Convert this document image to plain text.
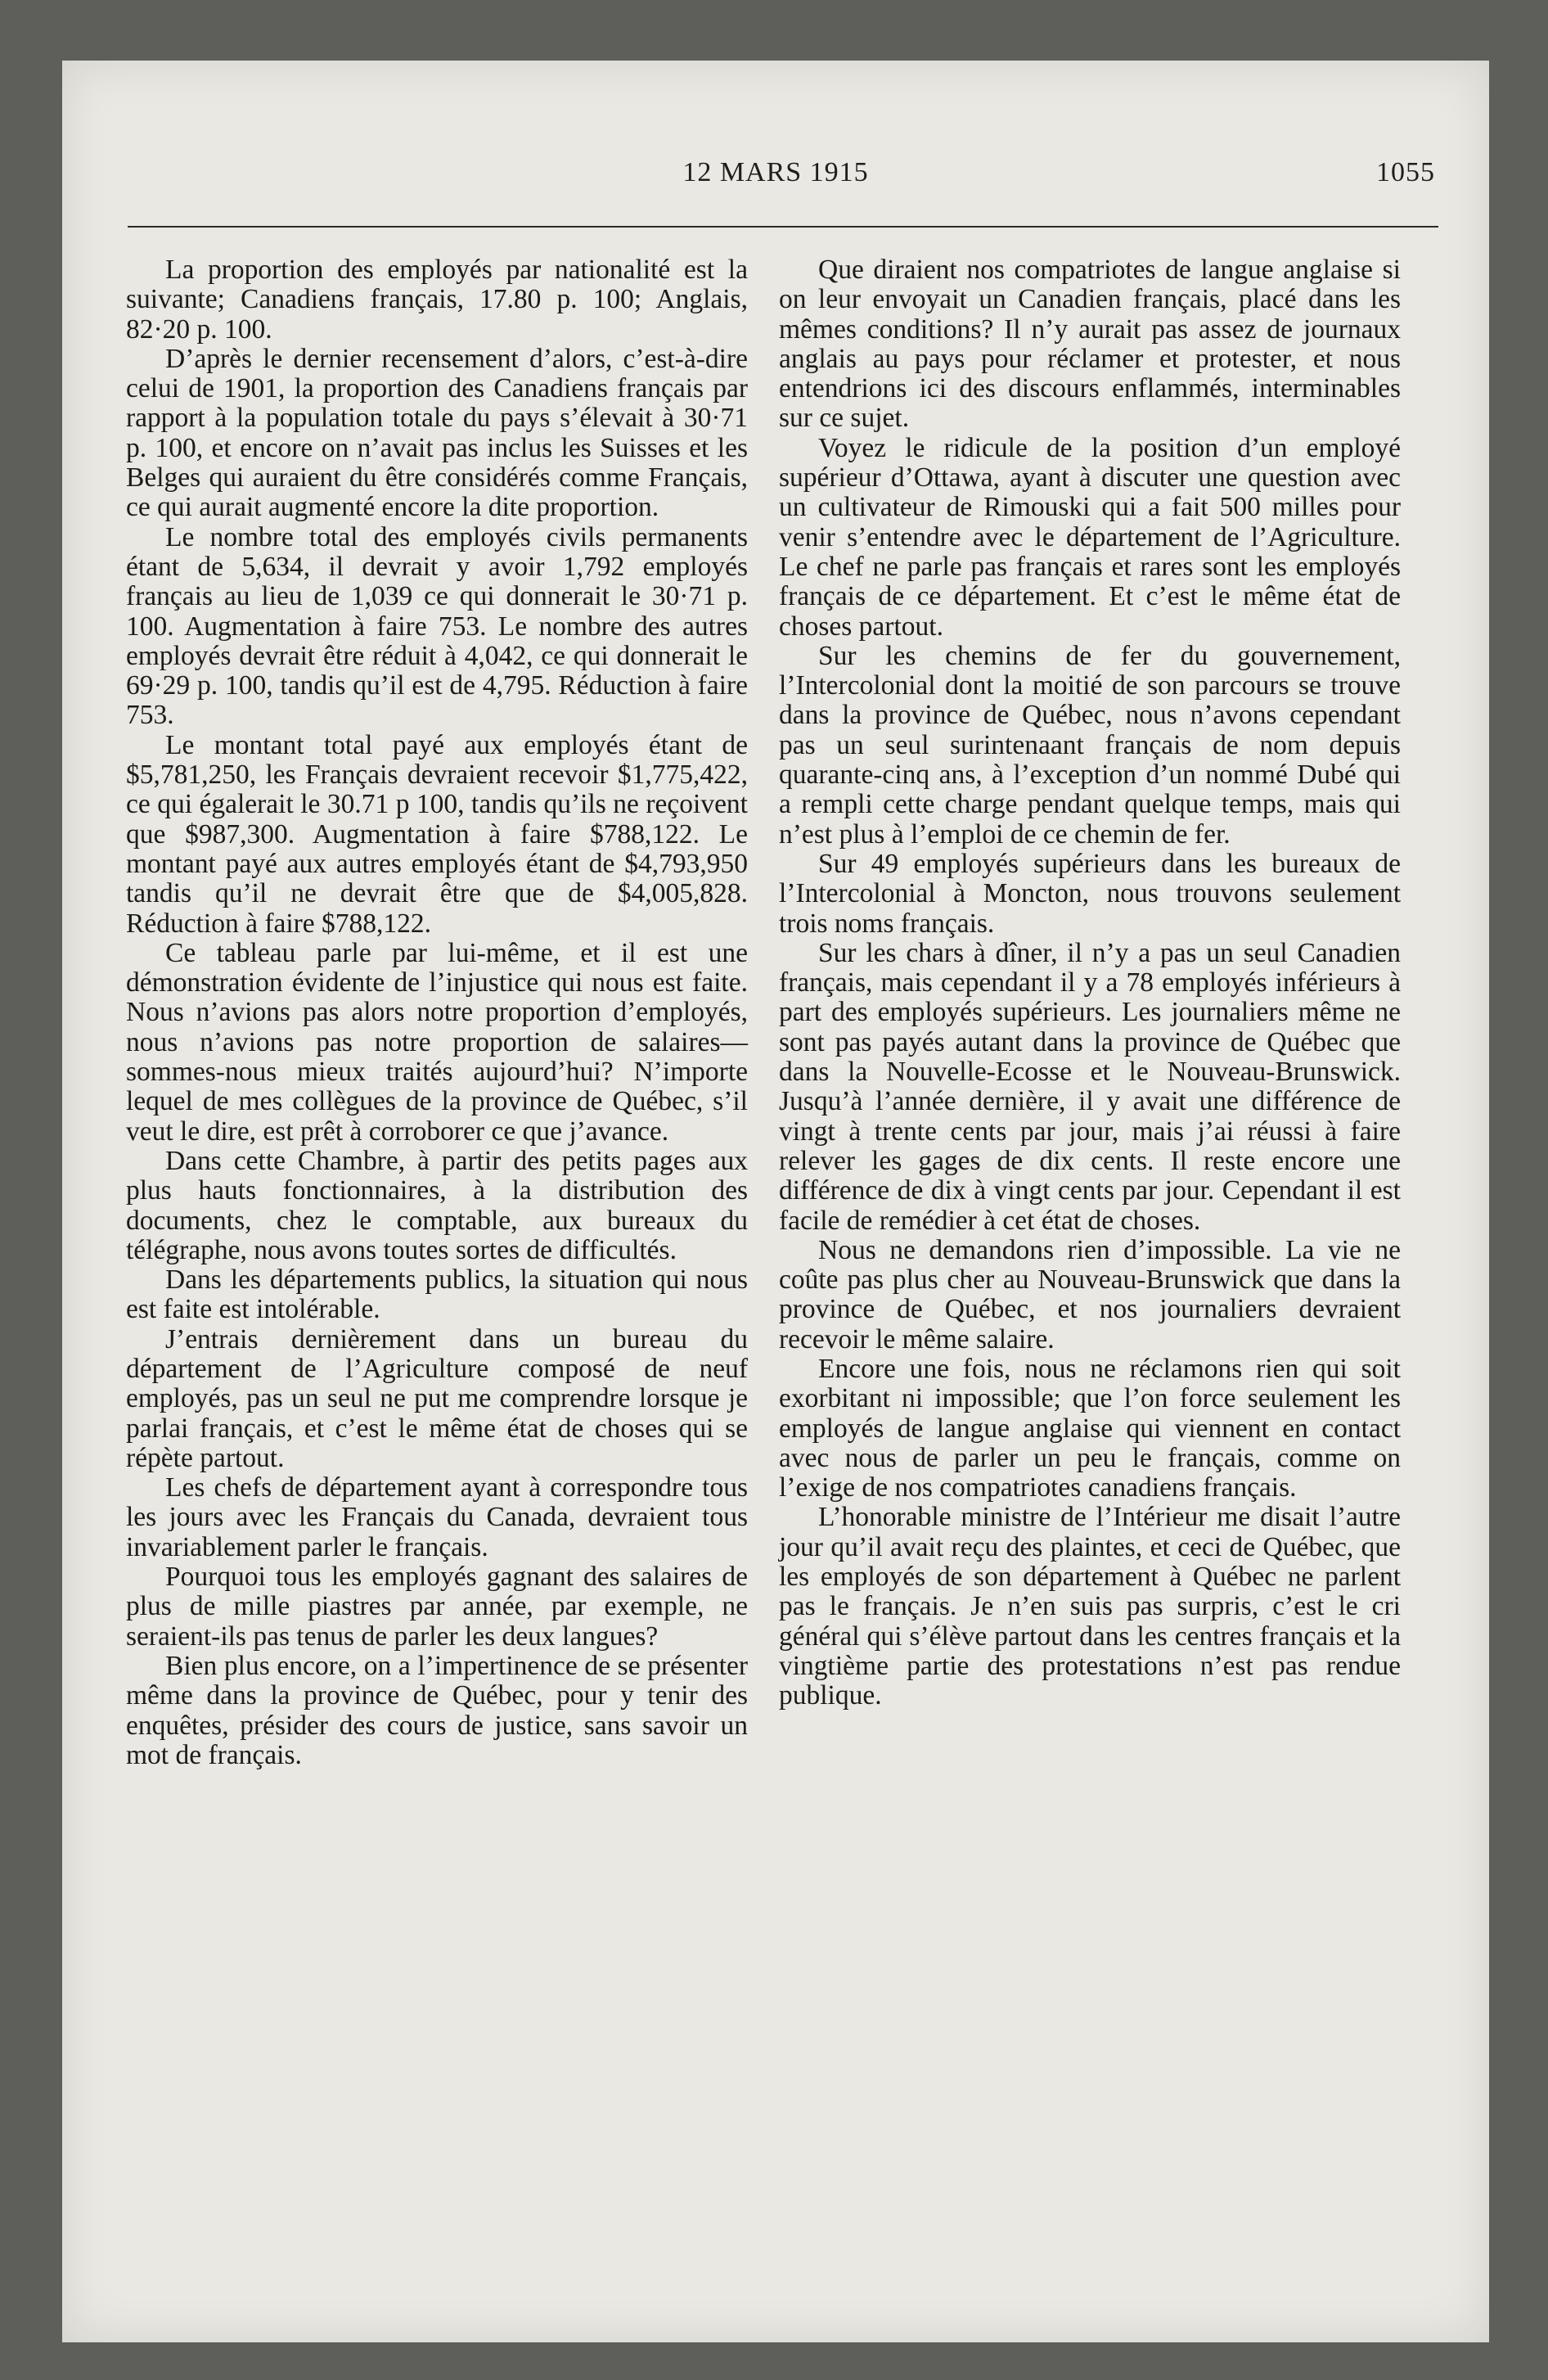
12 MARS 1915	1055

La proportion des employés par nationalité est la suivante; Canadiens français, 17.80 p. 100; Anglais, 82·20 p. 100.

D’après le dernier recensement d’alors, c’est-à-dire celui de 1901, la proportion des Canadiens français par rapport à la population totale du pays s’élevait à 30·71 p. 100, et encore on n’avait pas inclus les Suisses et les Belges qui auraient du être considérés comme Français, ce qui aurait augmenté encore la dite proportion.

Le nombre total des employés civils permanents étant de 5,634, il devrait y avoir 1,792 employés français au lieu de 1,039 ce qui donnerait le 30·71 p. 100. Augmentation à faire 753. Le nombre des autres employés devrait être réduit à 4,042, ce qui donnerait le 69·29 p. 100, tandis qu’il est de 4,795. Réduction à faire 753.

Le montant total payé aux employés étant de $5,781,250, les Français devraient recevoir $1,775,422, ce qui égalerait le 30.71 p 100, tandis qu’ils ne reçoivent que $987,300. Augmentation à faire $788,122. Le montant payé aux autres employés étant de $4,793,950 tandis qu’il ne devrait être que de $4,005,828. Réduction à faire $788,122.

Ce tableau parle par lui-même, et il est une démonstration évidente de l’injustice qui nous est faite. Nous n’avions pas alors notre proportion d’employés, nous n’avions pas notre proportion de salaires—sommes-nous mieux traités aujourd’hui? N’importe lequel de mes collègues de la province de Québec, s’il veut le dire, est prêt à corroborer ce que j’avance.

Dans cette Chambre, à partir des petits pages aux plus hauts fonctionnaires, à la distribution des documents, chez le comptable, aux bureaux du télégraphe, nous avons toutes sortes de difficultés.

Dans les départements publics, la situation qui nous est faite est intolérable.

J’entrais dernièrement dans un bureau du département de l’Agriculture composé de neuf employés, pas un seul ne put me comprendre lorsque je parlai français, et c’est le même état de choses qui se répète partout.

Les chefs de département ayant à correspondre tous les jours avec les Français du Canada, devraient tous invariablement parler le français.

Pourquoi tous les employés gagnant des salaires de plus de mille piastres par année, par exemple, ne seraient-ils pas tenus de parler les deux langues?

Bien plus encore, on a l’impertinence de se présenter même dans la province de Québec, pour y tenir des enquêtes, présider des cours de justice, sans savoir un mot de français.

Que diraient nos compatriotes de langue anglaise si on leur envoyait un Canadien français, placé dans les mêmes conditions? Il n’y aurait pas assez de journaux anglais au pays pour réclamer et protester, et nous entendrions ici des discours enflammés, interminables sur ce sujet.

Voyez le ridicule de la position d’un employé supérieur d’Ottawa, ayant à discuter une question avec un cultivateur de Rimouski qui a fait 500 milles pour venir s’entendre avec le département de l’Agriculture. Le chef ne parle pas français et rares sont les employés français de ce département. Et c’est le même état de choses partout.

Sur les chemins de fer du gouvernement, l’Intercolonial dont la moitié de son parcours se trouve dans la province de Québec, nous n’avons cependant pas un seul surintenaant français de nom depuis quarante-cinq ans, à l’exception d’un nommé Dubé qui a rempli cette charge pendant quelque temps, mais qui n’est plus à l’emploi de ce chemin de fer.

Sur 49 employés supérieurs dans les bureaux de l’Intercolonial à Moncton, nous trouvons seulement trois noms français.

Sur les chars à dîner, il n’y a pas un seul Canadien français, mais cependant il y a 78 employés inférieurs à part des employés supérieurs. Les journaliers même ne sont pas payés autant dans la province de Québec que dans la Nouvelle-Ecosse et le Nouveau-Brunswick. Jusqu’à l’année dernière, il y avait une différence de vingt à trente cents par jour, mais j’ai réussi à faire relever les gages de dix cents. Il reste encore une différence de dix à vingt cents par jour. Cependant il est facile de remédier à cet état de choses.

Nous ne demandons rien d’impossible. La vie ne coûte pas plus cher au Nouveau-Brunswick que dans la province de Québec, et nos journaliers devraient recevoir le même salaire.

Encore une fois, nous ne réclamons rien qui soit exorbitant ni impossible; que l’on force seulement les employés de langue anglaise qui viennent en contact avec nous de parler un peu le français, comme on l’exige de nos compatriotes canadiens français.

L’honorable ministre de l’Intérieur me disait l’autre jour qu’il avait reçu des plaintes, et ceci de Québec, que les employés de son département à Québec ne parlent pas le français. Je n’en suis pas surpris, c’est le cri général qui s’élève partout dans les centres français et la vingtième partie des protestations n’est pas rendue publique.
